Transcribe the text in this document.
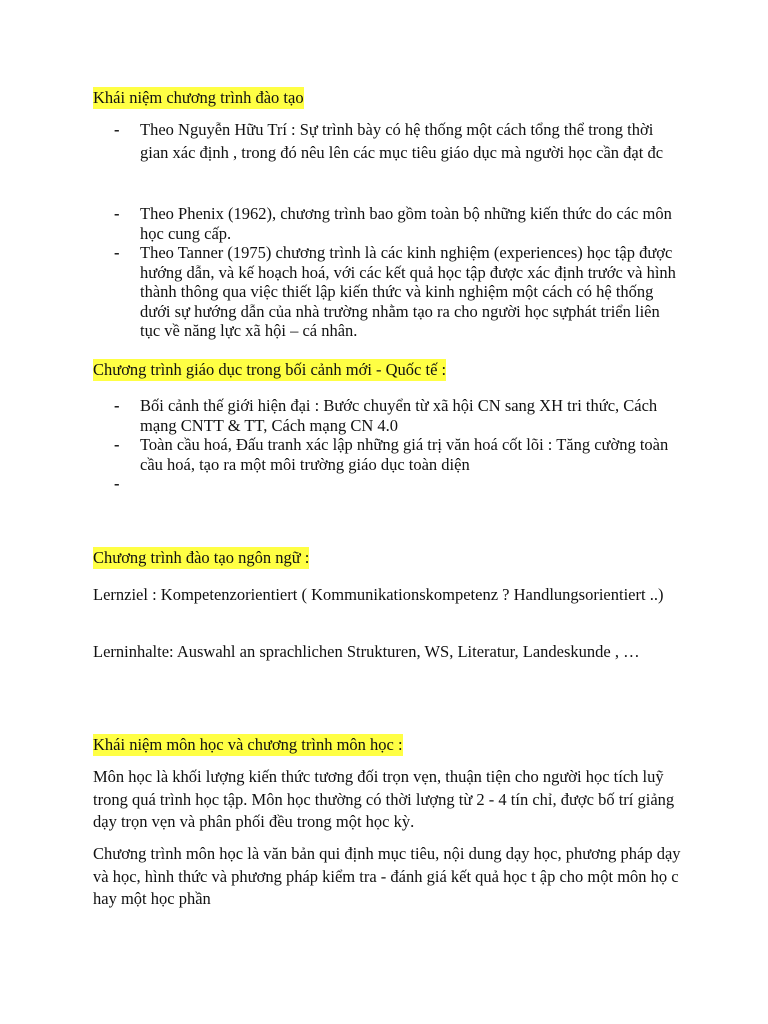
Khái niệm chương trình đào tạo
- Theo Nguyễn Hữu Trí : Sự trình bày có hệ thống một cách tổng thể trong thời gian xác định , trong đó nêu lên các mục tiêu giáo dục mà người học cần đạt đc
- Theo Phenix (1962), chương trình bao gồm toàn bộ những kiến thức do các môn học cung cấp.
- Theo Tanner (1975) chương trình là các kinh nghiệm (experiences) học tập được hướng dẫn, và kế hoạch hoá, với các kết quả học tập được xác định trước và hình thành thông qua việc thiết lập kiến thức và kinh nghiệm một cách có hệ thống dưới sự hướng dẫn của nhà trường nhằm tạo ra cho người học sựphát triển liên tục về năng lực xã hội – cá nhân.
Chương trình giáo dục trong bối cảnh mới - Quốc tế :
- Bối cảnh thế giới hiện đại : Bước chuyển từ xã hội CN sang XH tri thức, Cách mạng CNTT & TT, Cách mạng CN 4.0
- Toàn cầu hoá, Đấu tranh xác lập những giá trị văn hoá cốt lõi : Tăng cường toàn cầu hoá, tạo ra một môi trường giáo dục toàn diện
-
Chương trình đào tạo ngôn ngữ :
Lernziel : Kompetenzorientiert ( Kommunikationskompetenz ? Handlungsorientiert ..)
Lerninhalte: Auswahl an sprachlichen Strukturen, WS, Literatur, Landeskunde , …
Khái niệm môn học và chương trình môn học :
Môn học là khối lượng kiến thức tương đối trọn vẹn, thuận tiện cho người học tích luỹ trong quá trình học tập. Môn học thường có thời lượng từ 2 - 4 tín chỉ, được bố trí giảng dạy trọn vẹn và phân phối đều trong một học kỳ.
Chương trình môn học là văn bản qui định mục tiêu, nội dung dạy học, phương pháp dạy và học, hình thức và phương pháp kiểm tra - đánh giá kết quả học t ập cho một môn họ c hay một học phần
